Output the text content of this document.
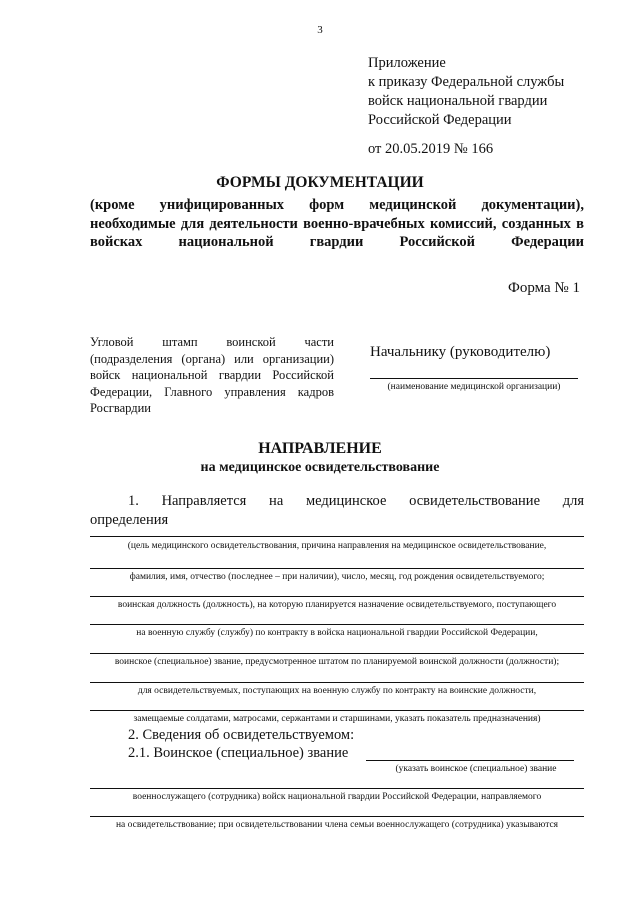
3
Приложение
к приказу Федеральной службы
войск национальной гвардии
Российской Федерации
от 20.05.2019 № 166
ФОРМЫ ДОКУМЕНТАЦИИ
(кроме унифицированных форм медицинской документации), необходимые для деятельности военно-врачебных комиссий, созданных в войсках национальной гвардии Российской Федерации
Форма № 1
Угловой штамп воинской части (подразделения (органа) или организации) войск национальной гвардии Российской Федерации, Главного управления кадров Росгвардии
Начальнику (руководителю)
(наименование медицинской организации)
НАПРАВЛЕНИЕ
на медицинское освидетельствование
1. Направляется на медицинское освидетельствование для
определения
(цель медицинского освидетельствования, причина направления на медицинское освидетельствование,
фамилия, имя, отчество (последнее – при наличии), число, месяц, год рождения освидетельствуемого;
воинская должность (должность), на которую планируется назначение освидетельствуемого, поступающего
на военную службу (службу) по контракту в войска национальной гвардии Российской Федерации,
воинское (специальное) звание, предусмотренное штатом по планируемой воинской должности (должности);
для освидетельствуемых, поступающих на военную службу по контракту на воинские должности,
замещаемые солдатами, матросами, сержантами и старшинами, указать показатель предназначения)
2. Сведения об освидетельствуемом:
2.1. Воинское (специальное) звание
(указать воинское (специальное) звание
военнослужащего (сотрудника) войск национальной гвардии Российской Федерации, направляемого
на освидетельствование; при освидетельствовании члена семьи военнослужащего (сотрудника) указываются
